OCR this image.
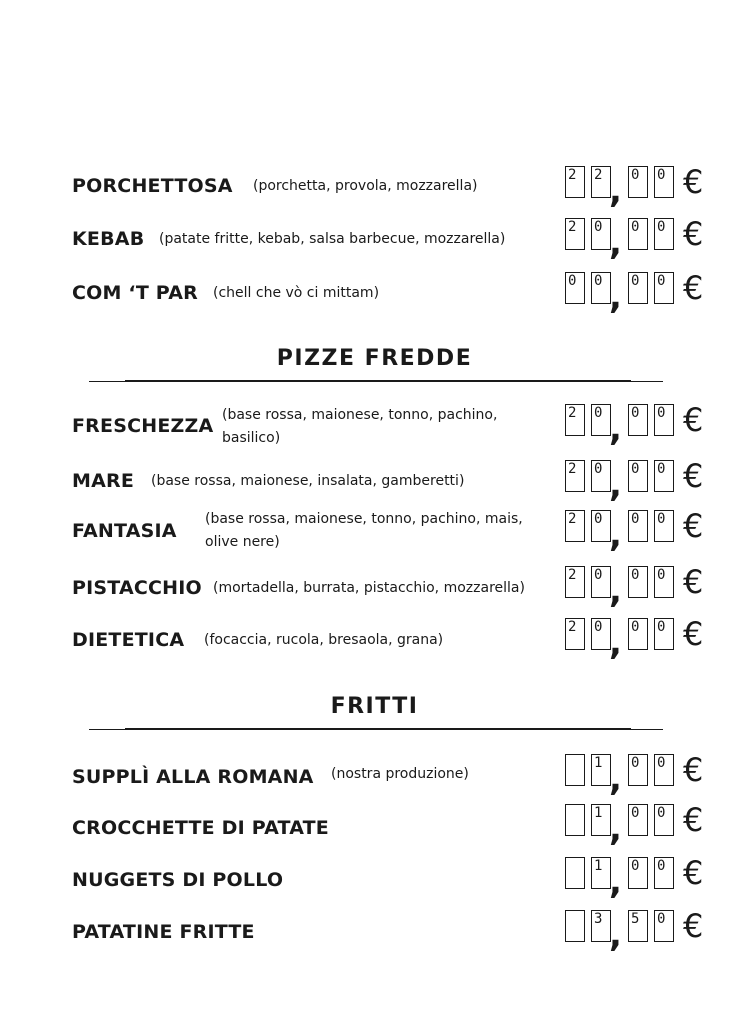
PORCHETTOSA (porchetta, provola, mozzarella)
2	2 , 0	0 €
KEBAB (patate fritte, kebab, salsa barbecue, mozzarella)
2	0 , 0	0 €
COM ‘T PAR (chell che vò ci mittam)
0	0 , 0	0 €
PIZZE FREDDE
FRESCHEZZA (base rossa, maionese, tonno, pachino, basilico)
2	0 , 0	0 €
MARE (base rossa, maionese, insalata, gamberetti)
2	0 , 0	0 €
FANTASIA
(base rossa, maionese, tonno, pachino, mais, olive nere)
2	0 , 0	0 €
PISTACCHIO (mortadella, burrata, pistacchio, mozzarella)
2	0 , 0	0 €
DIETETICA (focaccia, rucola, bresaola, grana)
2	0 , 0	0 €
FRITTI
SUPPLÌ ALLA ROMANA (nostra produzione)
1 , 0	0 €
CROCCHETTE DI PATATE
1 , 0	0 €
NUGGETS DI POLLO
1 , 0	0 €
PATATINE FRITTE
3 , 5	0 €
